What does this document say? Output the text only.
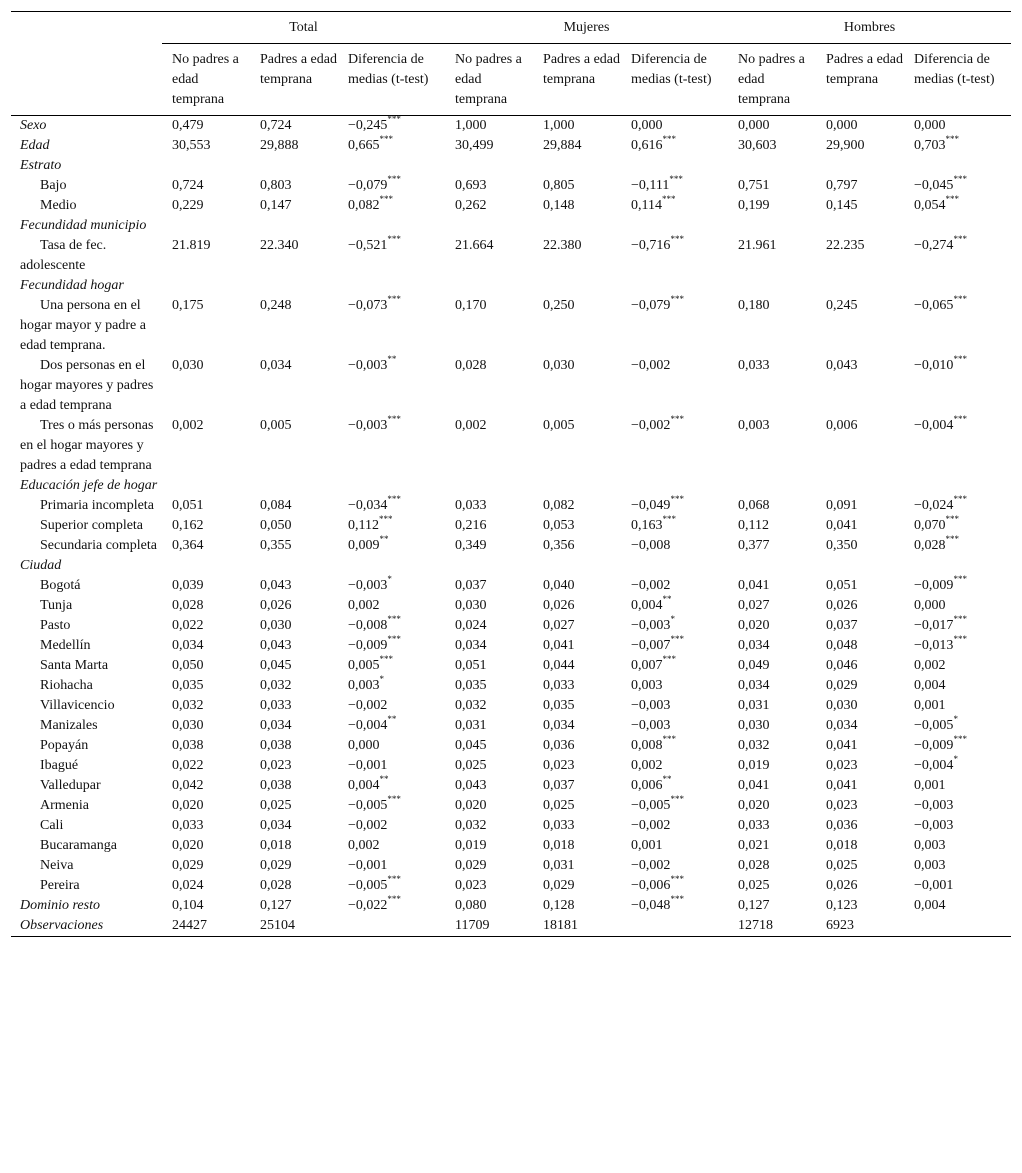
	Total			Mujeres			Hombres		
	No padres a edad temprana	Padres a edad temprana	Diferencia de medias (t-test)	No padres a edad temprana	Padres a edad temprana	Diferencia de medias (t-test)	No padres a edad temprana	Padres a edad temprana	Diferencia de medias (t-test)
Sexo	0,479	0,724	−0,245***	1,000	1,000	0,000	0,000	0,000	0,000
Edad	30,553	29,888	0,665***	30,499	29,884	0,616***	30,603	29,900	0,703***
Estrato									
Bajo	0,724	0,803	−0,079***	0,693	0,805	−0,111***	0,751	0,797	−0,045***
Medio	0,229	0,147	0,082***	0,262	0,148	0,114***	0,199	0,145	0,054***
Fecundidad municipio									
Tasa de fec. adolescente	21.819	22.340	−0,521***	21.664	22.380	−0,716***	21.961	22.235	−0,274***
Fecundidad hogar									
Una persona en el hogar mayor y padre a edad temprana.	0,175	0,248	−0,073***	0,170	0,250	−0,079***	0,180	0,245	−0,065***
Dos personas en el hogar mayores y padres a edad temprana	0,030	0,034	−0,003**	0,028	0,030	−0,002	0,033	0,043	−0,010***
Tres o más personas en el hogar mayores y padres a edad temprana	0,002	0,005	−0,003***	0,002	0,005	−0,002***	0,003	0,006	−0,004***
Educación jefe de hogar									
Primaria incompleta	0,051	0,084	−0,034***	0,033	0,082	−0,049***	0,068	0,091	−0,024***
Superior completa	0,162	0,050	0,112***	0,216	0,053	0,163***	0,112	0,041	0,070***
Secundaria completa	0,364	0,355	0,009**	0,349	0,356	−0,008	0,377	0,350	0,028***
Ciudad									
Bogotá	0,039	0,043	−0,003*	0,037	0,040	−0,002	0,041	0,051	−0,009***
Tunja	0,028	0,026	0,002	0,030	0,026	0,004**	0,027	0,026	0,000
Pasto	0,022	0,030	−0,008***	0,024	0,027	−0,003*	0,020	0,037	−0,017***
Medellín	0,034	0,043	−0,009***	0,034	0,041	−0,007***	0,034	0,048	−0,013***
Santa Marta	0,050	0,045	0,005***	0,051	0,044	0,007***	0,049	0,046	0,002
Riohacha	0,035	0,032	0,003*	0,035	0,033	0,003	0,034	0,029	0,004
Villavicencio	0,032	0,033	−0,002	0,032	0,035	−0,003	0,031	0,030	0,001
Manizales	0,030	0,034	−0,004**	0,031	0,034	−0,003	0,030	0,034	−0,005*
Popayán	0,038	0,038	0,000	0,045	0,036	0,008***	0,032	0,041	−0,009***
Ibagué	0,022	0,023	−0,001	0,025	0,023	0,002	0,019	0,023	−0,004*
Valledupar	0,042	0,038	0,004**	0,043	0,037	0,006**	0,041	0,041	0,001
Armenia	0,020	0,025	−0,005***	0,020	0,025	−0,005***	0,020	0,023	−0,003
Cali	0,033	0,034	−0,002	0,032	0,033	−0,002	0,033	0,036	−0,003
Bucaramanga	0,020	0,018	0,002	0,019	0,018	0,001	0,021	0,018	0,003
Neiva	0,029	0,029	−0,001	0,029	0,031	−0,002	0,028	0,025	0,003
Pereira	0,024	0,028	−0,005***	0,023	0,029	−0,006***	0,025	0,026	−0,001
Dominio resto	0,104	0,127	−0,022***	0,080	0,128	−0,048***	0,127	0,123	0,004
Observaciones	24427	25104		11709	18181		12718	6923	
